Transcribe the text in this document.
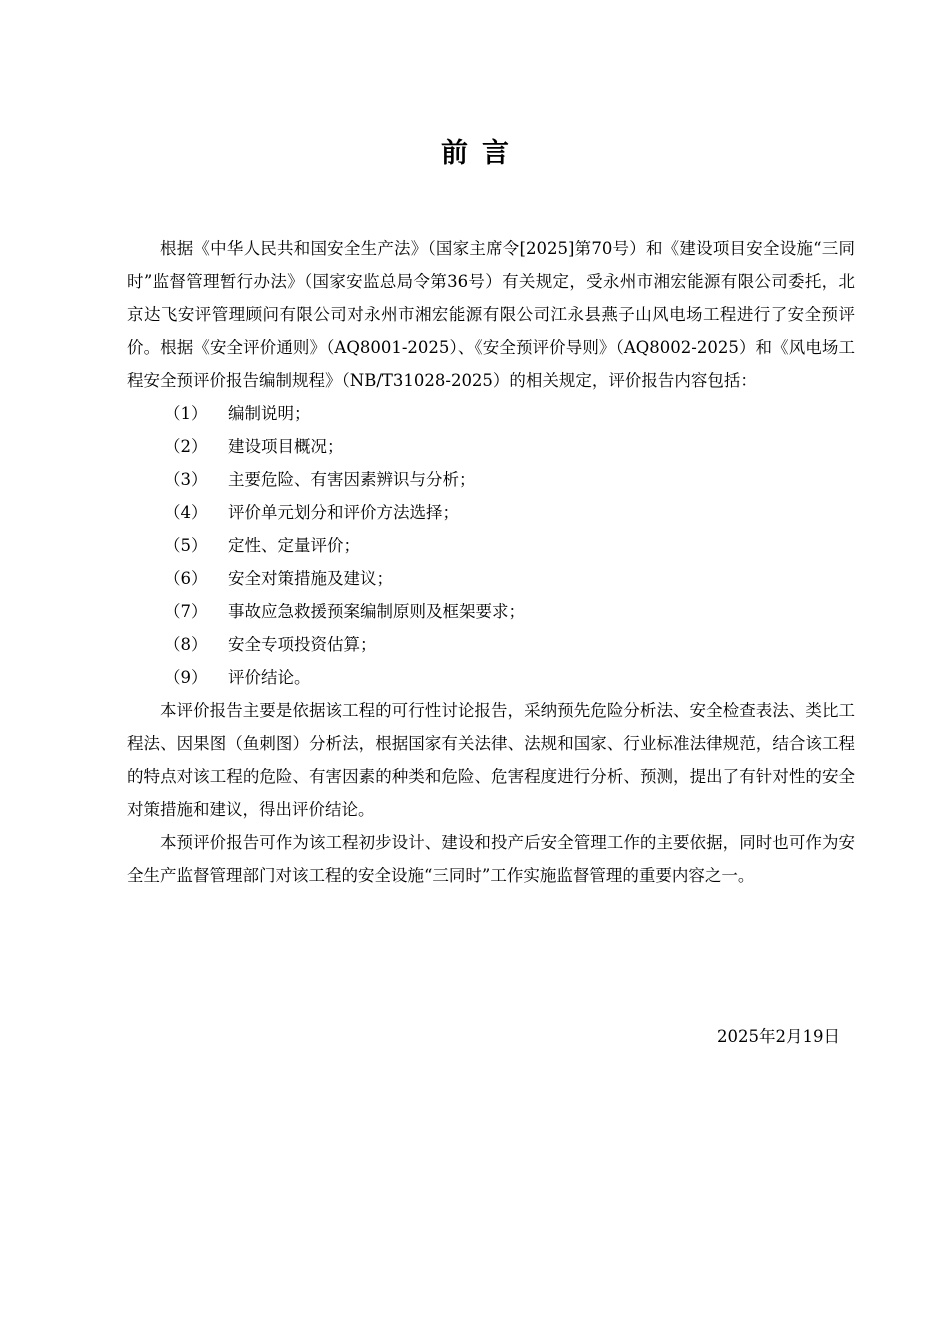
前言

根据《中华人民共和国安全生产法》（国家主席令[2025]第70号）和《建设项目安全设施“三同时”监督管理暂行办法》（国家安监总局令第36号）有关规定，受永州市湘宏能源有限公司委托，北京达飞安评管理顾问有限公司对永州市湘宏能源有限公司江永县燕子山风电场工程进行了安全预评价。根据《安全评价通则》（AQ8001-2025）、《安全预评价导则》（AQ8002-2025）和《风电场工程安全预评价报告编制规程》（NB/T31028-2025）的相关规定，评价报告内容包括：

（1）	编制说明；
（2）	建设项目概况；
（3）	主要危险、有害因素辨识与分析；
（4）	评价单元划分和评价方法选择；
（5）	定性、定量评价；
（6）	安全对策措施及建议；
（7）	事故应急救援预案编制原则及框架要求；
（8）	安全专项投资估算；
（9）	评价结论。

本评价报告主要是依据该工程的可行性讨论报告，采纳预先危险分析法、安全检查表法、类比工程法、因果图（鱼刺图）分析法，根据国家有关法律、法规和国家、行业标准法律规范，结合该工程的特点对该工程的危险、有害因素的种类和危险、危害程度进行分析、预测，提出了有针对性的安全对策措施和建议，得出评价结论。

本预评价报告可作为该工程初步设计、建设和投产后安全管理工作的主要依据，同时也可作为安全生产监督管理部门对该工程的安全设施“三同时”工作实施监督管理的重要内容之一。

2025年2月19日
